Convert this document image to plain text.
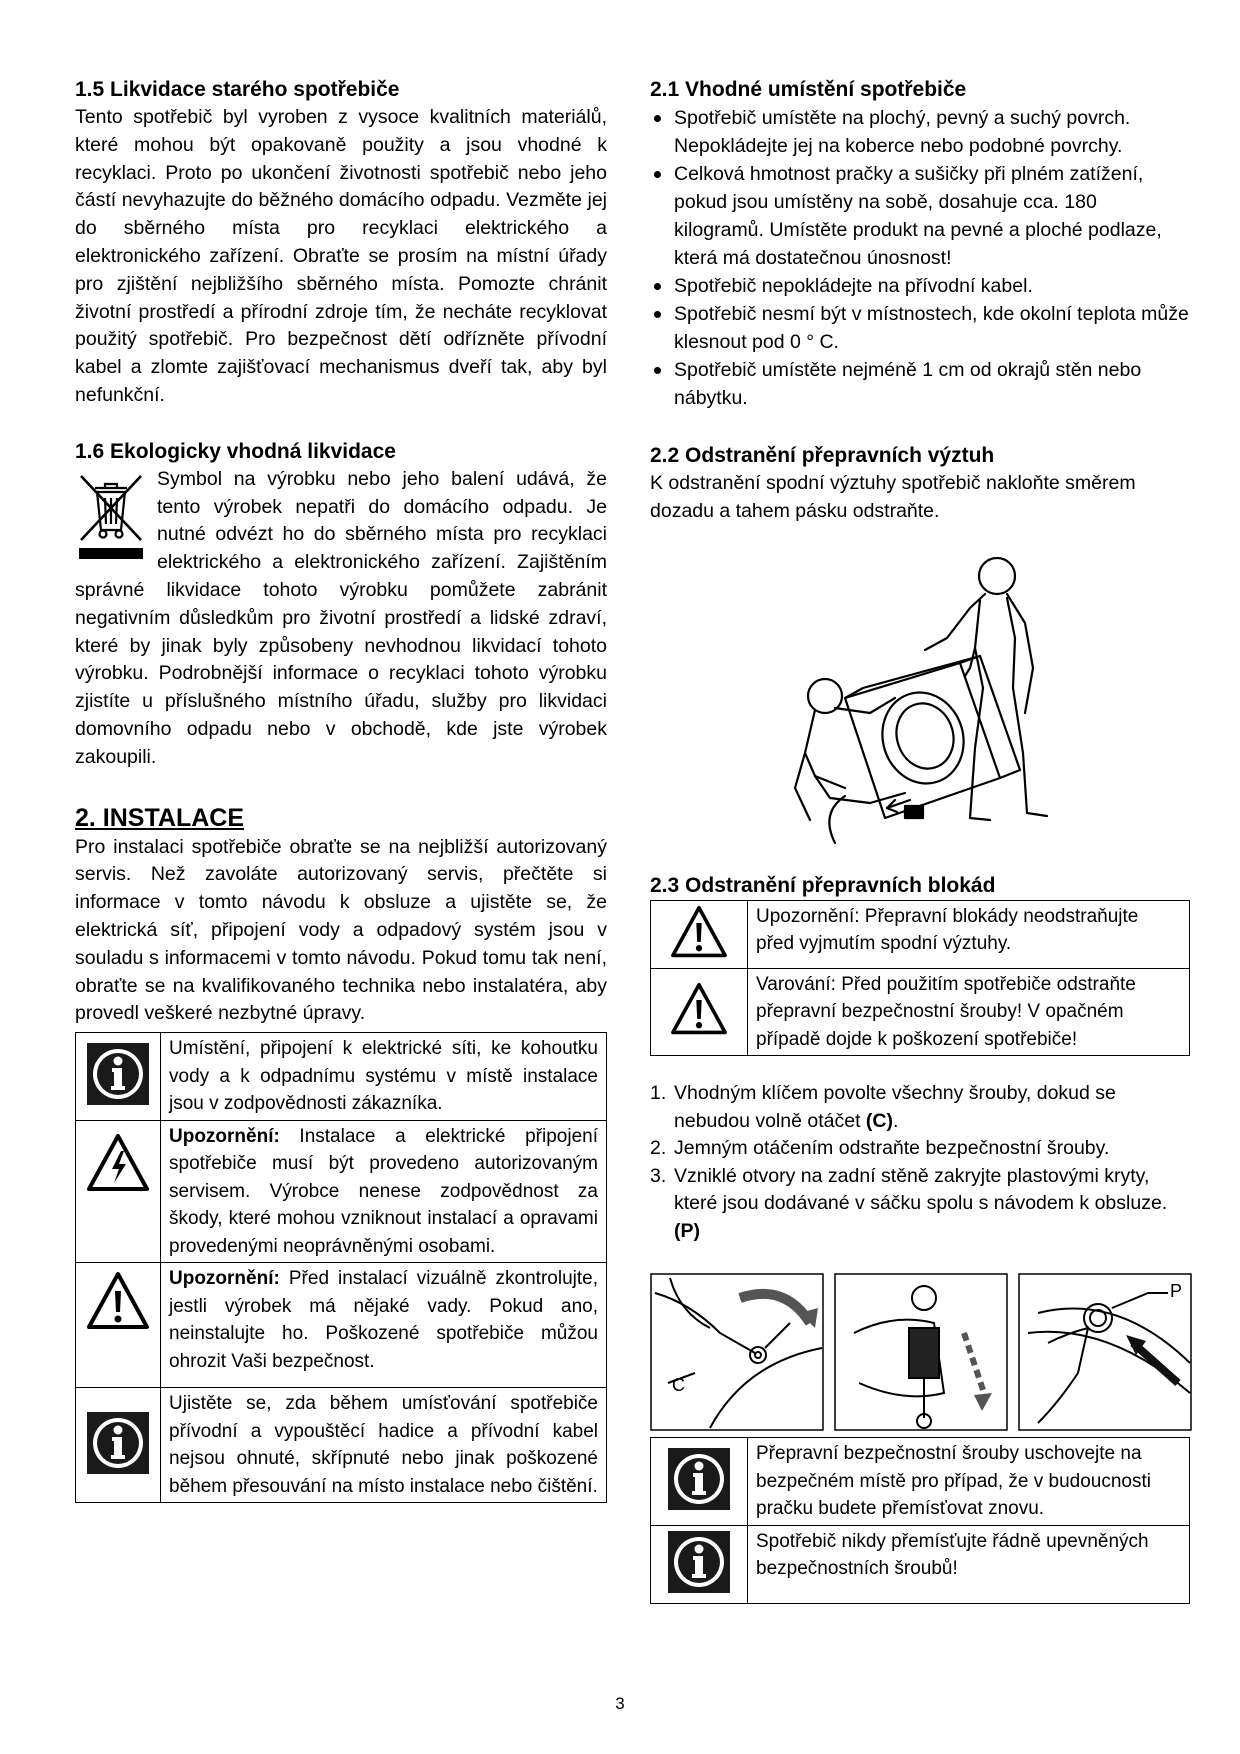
1.5 Likvidace starého spotřebiče

Tento spotřebič byl vyroben z vysoce kvalitních materiálů, které mohou být opakovaně použity a jsou vhodné k recyklaci. Proto po ukončení životnosti spotřebič nebo jeho částí nevyhazujte do běžného domácího odpadu. Vezměte jej do sběrného místa pro recyklaci elektrického a elektronického zařízení. Obraťte se prosím na místní úřady pro zjištění nejbližšího sběrného místa. Pomozte chránit životní prostředí a přírodní zdroje tím, že necháte recyklovat použitý spotřebič. Pro bezpečnost dětí odřízněte přívodní kabel a zlomte zajišťovací mechanismus dveří tak, aby byl nefunkční.

1.6 Ekologicky vhodná likvidace

Symbol na výrobku nebo jeho balení udává, že tento výrobek nepatři do domácího odpadu. Je nutné odvézt ho do sběrného místa pro recyklaci elektrického a elektronického zařízení. Zajištěním správné likvidace tohoto výrobku pomůžete zabránit negativním důsledkům pro životní prostředí a lidské zdraví, které by jinak byly způsobeny nevhodnou likvidací tohoto výrobku. Podrobnější informace o recyklaci tohoto výrobku zjistíte u příslušného místního úřadu, služby pro likvidaci domovního odpadu nebo v obchodě, kde jste výrobek zakoupili.

2. INSTALACE

Pro instalaci spotřebiče obraťte se na nejbližší autorizovaný servis. Než zavoláte autorizovaný servis, přečtěte si informace v tomto návodu k obsluze a ujistěte se, že elektrická síť, připojení vody a odpadový systém jsou v souladu s informacemi v tomto návodu. Pokud tomu tak není, obraťte se na kvalifikovaného technika nebo instalatéra, aby provedl veškeré nezbytné úpravy.

	Umístění, připojení k elektrické síti, ke kohoutku vody a k odpadnímu systému v místě instalace jsou v zodpovědnosti zákazníka.
	Upozornění: Instalace a elektrické připojení spotřebiče musí být provedeno autorizovaným servisem. Výrobce nenese zodpovědnost za škody, které mohou vzniknout instalací a opravami provedenými neoprávněnými osobami.
	Upozornění: Před instalací vizuálně zkontrolujte, jestli výrobek má nějaké vady. Pokud ano, neinstalujte ho. Poškozené spotřebiče můžou ohrozit Vaši bezpečnost.
	Ujistěte se, zda během umísťování spotřebiče přívodní a vypouštěcí hadice a přívodní kabel nejsou ohnuté, skřípnuté nebo jinak poškozené během přesouvání na místo instalace nebo čištění.
2.1 Vhodné umístění spotřebiče
Spotřebič umístěte na plochý, pevný a suchý povrch. Nepokládejte jej na koberce nebo podobné povrchy.
Celková hmotnost pračky a sušičky při plném zatížení, pokud jsou umístěny na sobě, dosahuje cca. 180 kilogramů. Umístěte produkt na pevné a ploché podlaze, která má dostatečnou únosnost!
Spotřebič nepokládejte na přívodní kabel.
Spotřebič nesmí být v místnostech, kde okolní teplota může klesnout pod 0 ° C.
Spotřebič umístěte nejméně 1 cm od okrajů stěn nebo nábytku.
2.2 Odstranění přepravních výztuh

K odstranění spodní výztuhy spotřebič nakloňte směrem dozadu a tahem pásku odstraňte.

2.3 Odstranění přepravních blokád
	Upozornění: Přepravní blokády neodstraňujte před vyjmutím spodní výztuhy.
	Varování: Před použitím spotřebiče odstraňte přepravní bezpečnostní šrouby! V opačném případě dojde k poškození spotřebiče!
1. Vhodným klíčem povolte všechny šrouby, dokud se nebudou volně otáčet (C).
2. Jemným otáčením odstraňte bezpečnostní šrouby.
3. Vzniklé otvory na zadní stěně zakryjte plastovými kryty, které jsou dodávané v sáčku spolu s návodem k obsluze. (P)
C
P
	Přepravní bezpečnostní šrouby uschovejte na bezpečném místě pro případ, že v budoucnosti pračku budete přemísťovat znovu.
	Spotřebič nikdy přemísťujte řádně upevněných bezpečnostních šroubů!
3
